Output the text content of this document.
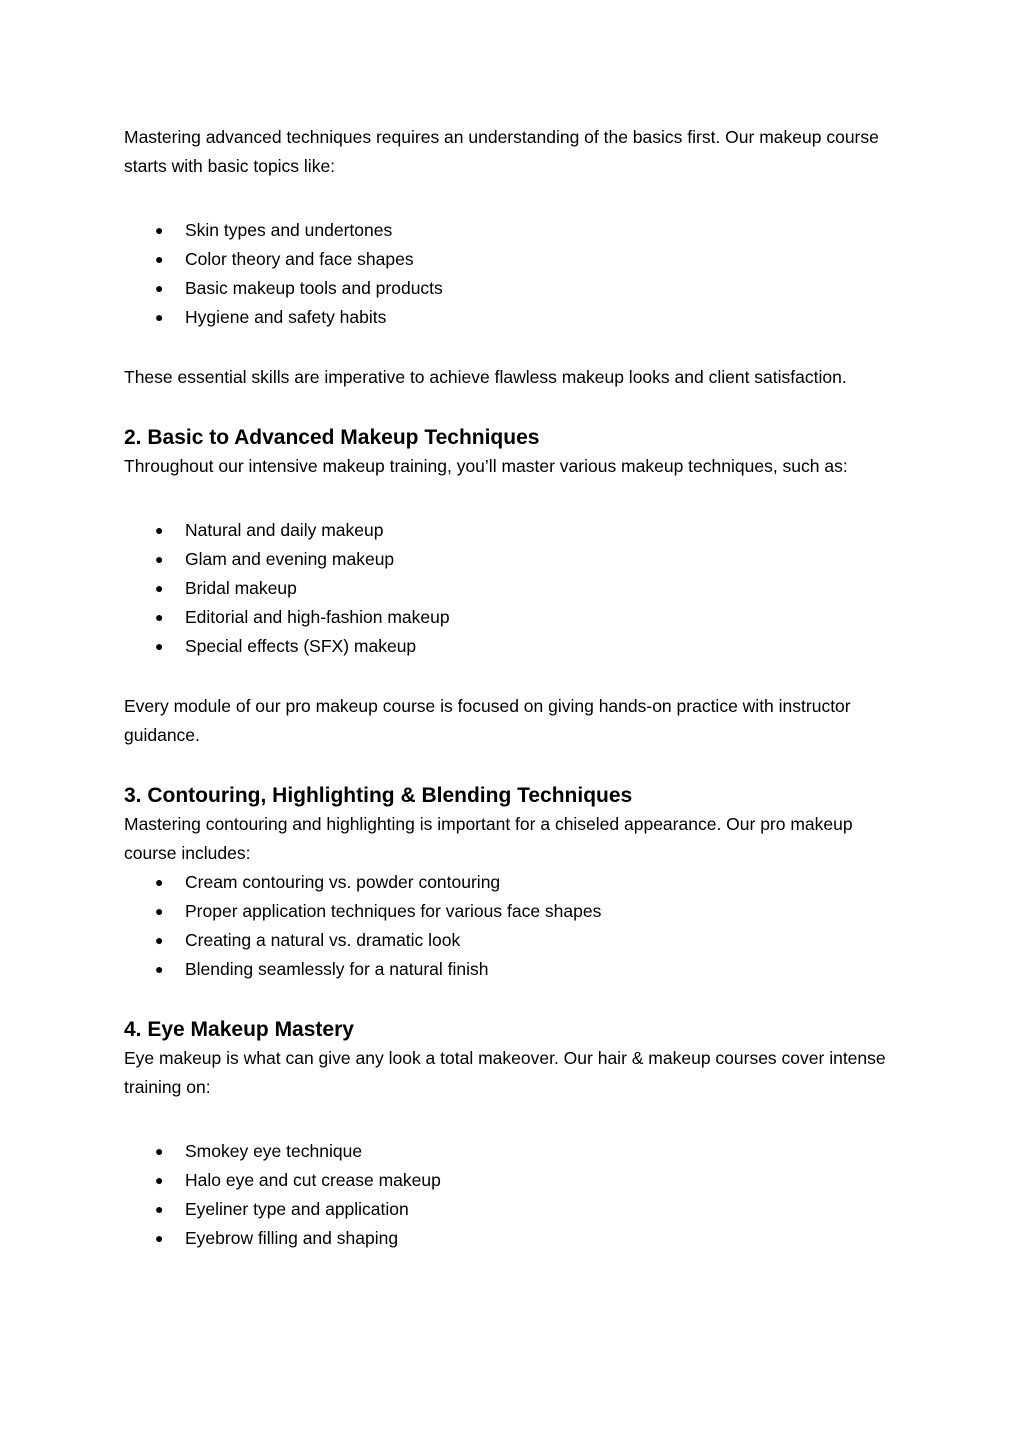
Mastering advanced techniques requires an understanding of the basics first. Our makeup course starts with basic topics like:

● Skin types and undertones
● Color theory and face shapes
● Basic makeup tools and products
● Hygiene and safety habits

These essential skills are imperative to achieve flawless makeup looks and client satisfaction.

2. Basic to Advanced Makeup Techniques

Throughout our intensive makeup training, you’ll master various makeup techniques, such as:

● Natural and daily makeup
● Glam and evening makeup
● Bridal makeup
● Editorial and high-fashion makeup
● Special effects (SFX) makeup

Every module of our pro makeup course is focused on giving hands-on practice with instructor guidance.

3. Contouring, Highlighting & Blending Techniques

Mastering contouring and highlighting is important for a chiseled appearance. Our pro makeup course includes:

● Cream contouring vs. powder contouring
● Proper application techniques for various face shapes
● Creating a natural vs. dramatic look
● Blending seamlessly for a natural finish
4. Eye Makeup Mastery

Eye makeup is what can give any look a total makeover. Our hair & makeup courses cover intense training on:

● Smokey eye technique
● Halo eye and cut crease makeup
● Eyeliner type and application
● Eyebrow filling and shaping
